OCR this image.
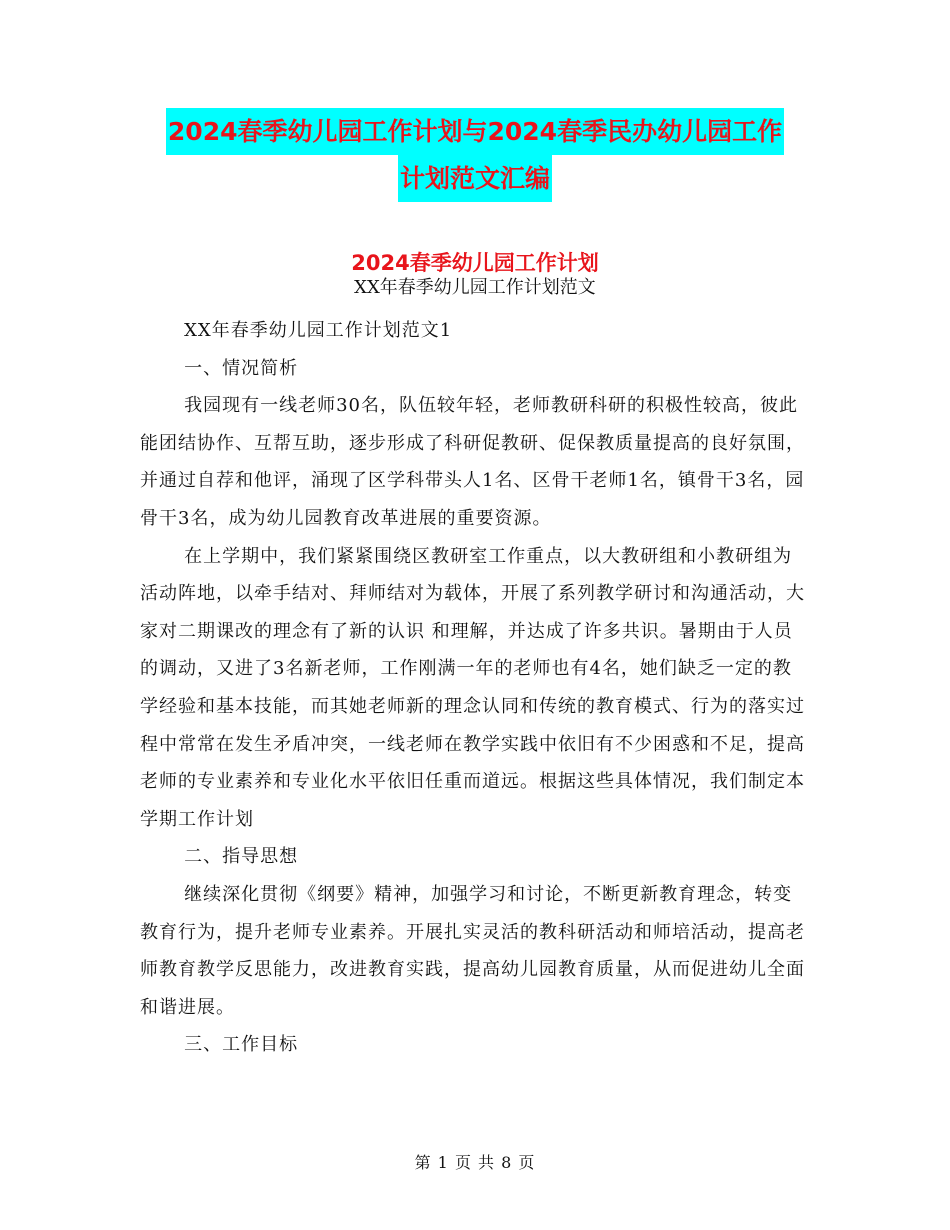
2024春季幼儿园工作计划与2024春季民办幼儿园工作
计划范文汇编
2024春季幼儿园工作计划
XX年春季幼儿园工作计划范文

XX年春季幼儿园工作计划范文1

一、情况简析

我园现有一线老师30名，队伍较年轻，老师教研科研的积极性较高，彼此能团结协作、互帮互助，逐步形成了科研促教研、促保教质量提高的良好氛围，并通过自荐和他评，涌现了区学科带头人1名、区骨干老师1名，镇骨干3名，园骨干3名，成为幼儿园教育改革进展的重要资源。

在上学期中，我们紧紧围绕区教研室工作重点，以大教研组和小教研组为活动阵地，以牵手结对、拜师结对为载体，开展了系列教学研讨和沟通活动，大家对二期课改的理念有了新的认识 和理解，并达成了许多共识。暑期由于人员的调动，又进了3名新老师，工作刚满一年的老师也有4名，她们缺乏一定的教学经验和基本技能，而其她老师新的理念认同和传统的教育模式、行为的落实过程中常常在发生矛盾冲突，一线老师在教学实践中依旧有不少困惑和不足，提高老师的专业素养和专业化水平依旧任重而道远。根据这些具体情况，我们制定本学期工作计划

二、指导思想

继续深化贯彻《纲要》精神，加强学习和讨论，不断更新教育理念，转变教育行为，提升老师专业素养。开展扎实灵活的教科研活动和师培活动，提高老师教育教学反思能力，改进教育实践，提高幼儿园教育质量，从而促进幼儿全面和谐进展。

三、工作目标

第 1 页 共 8 页
